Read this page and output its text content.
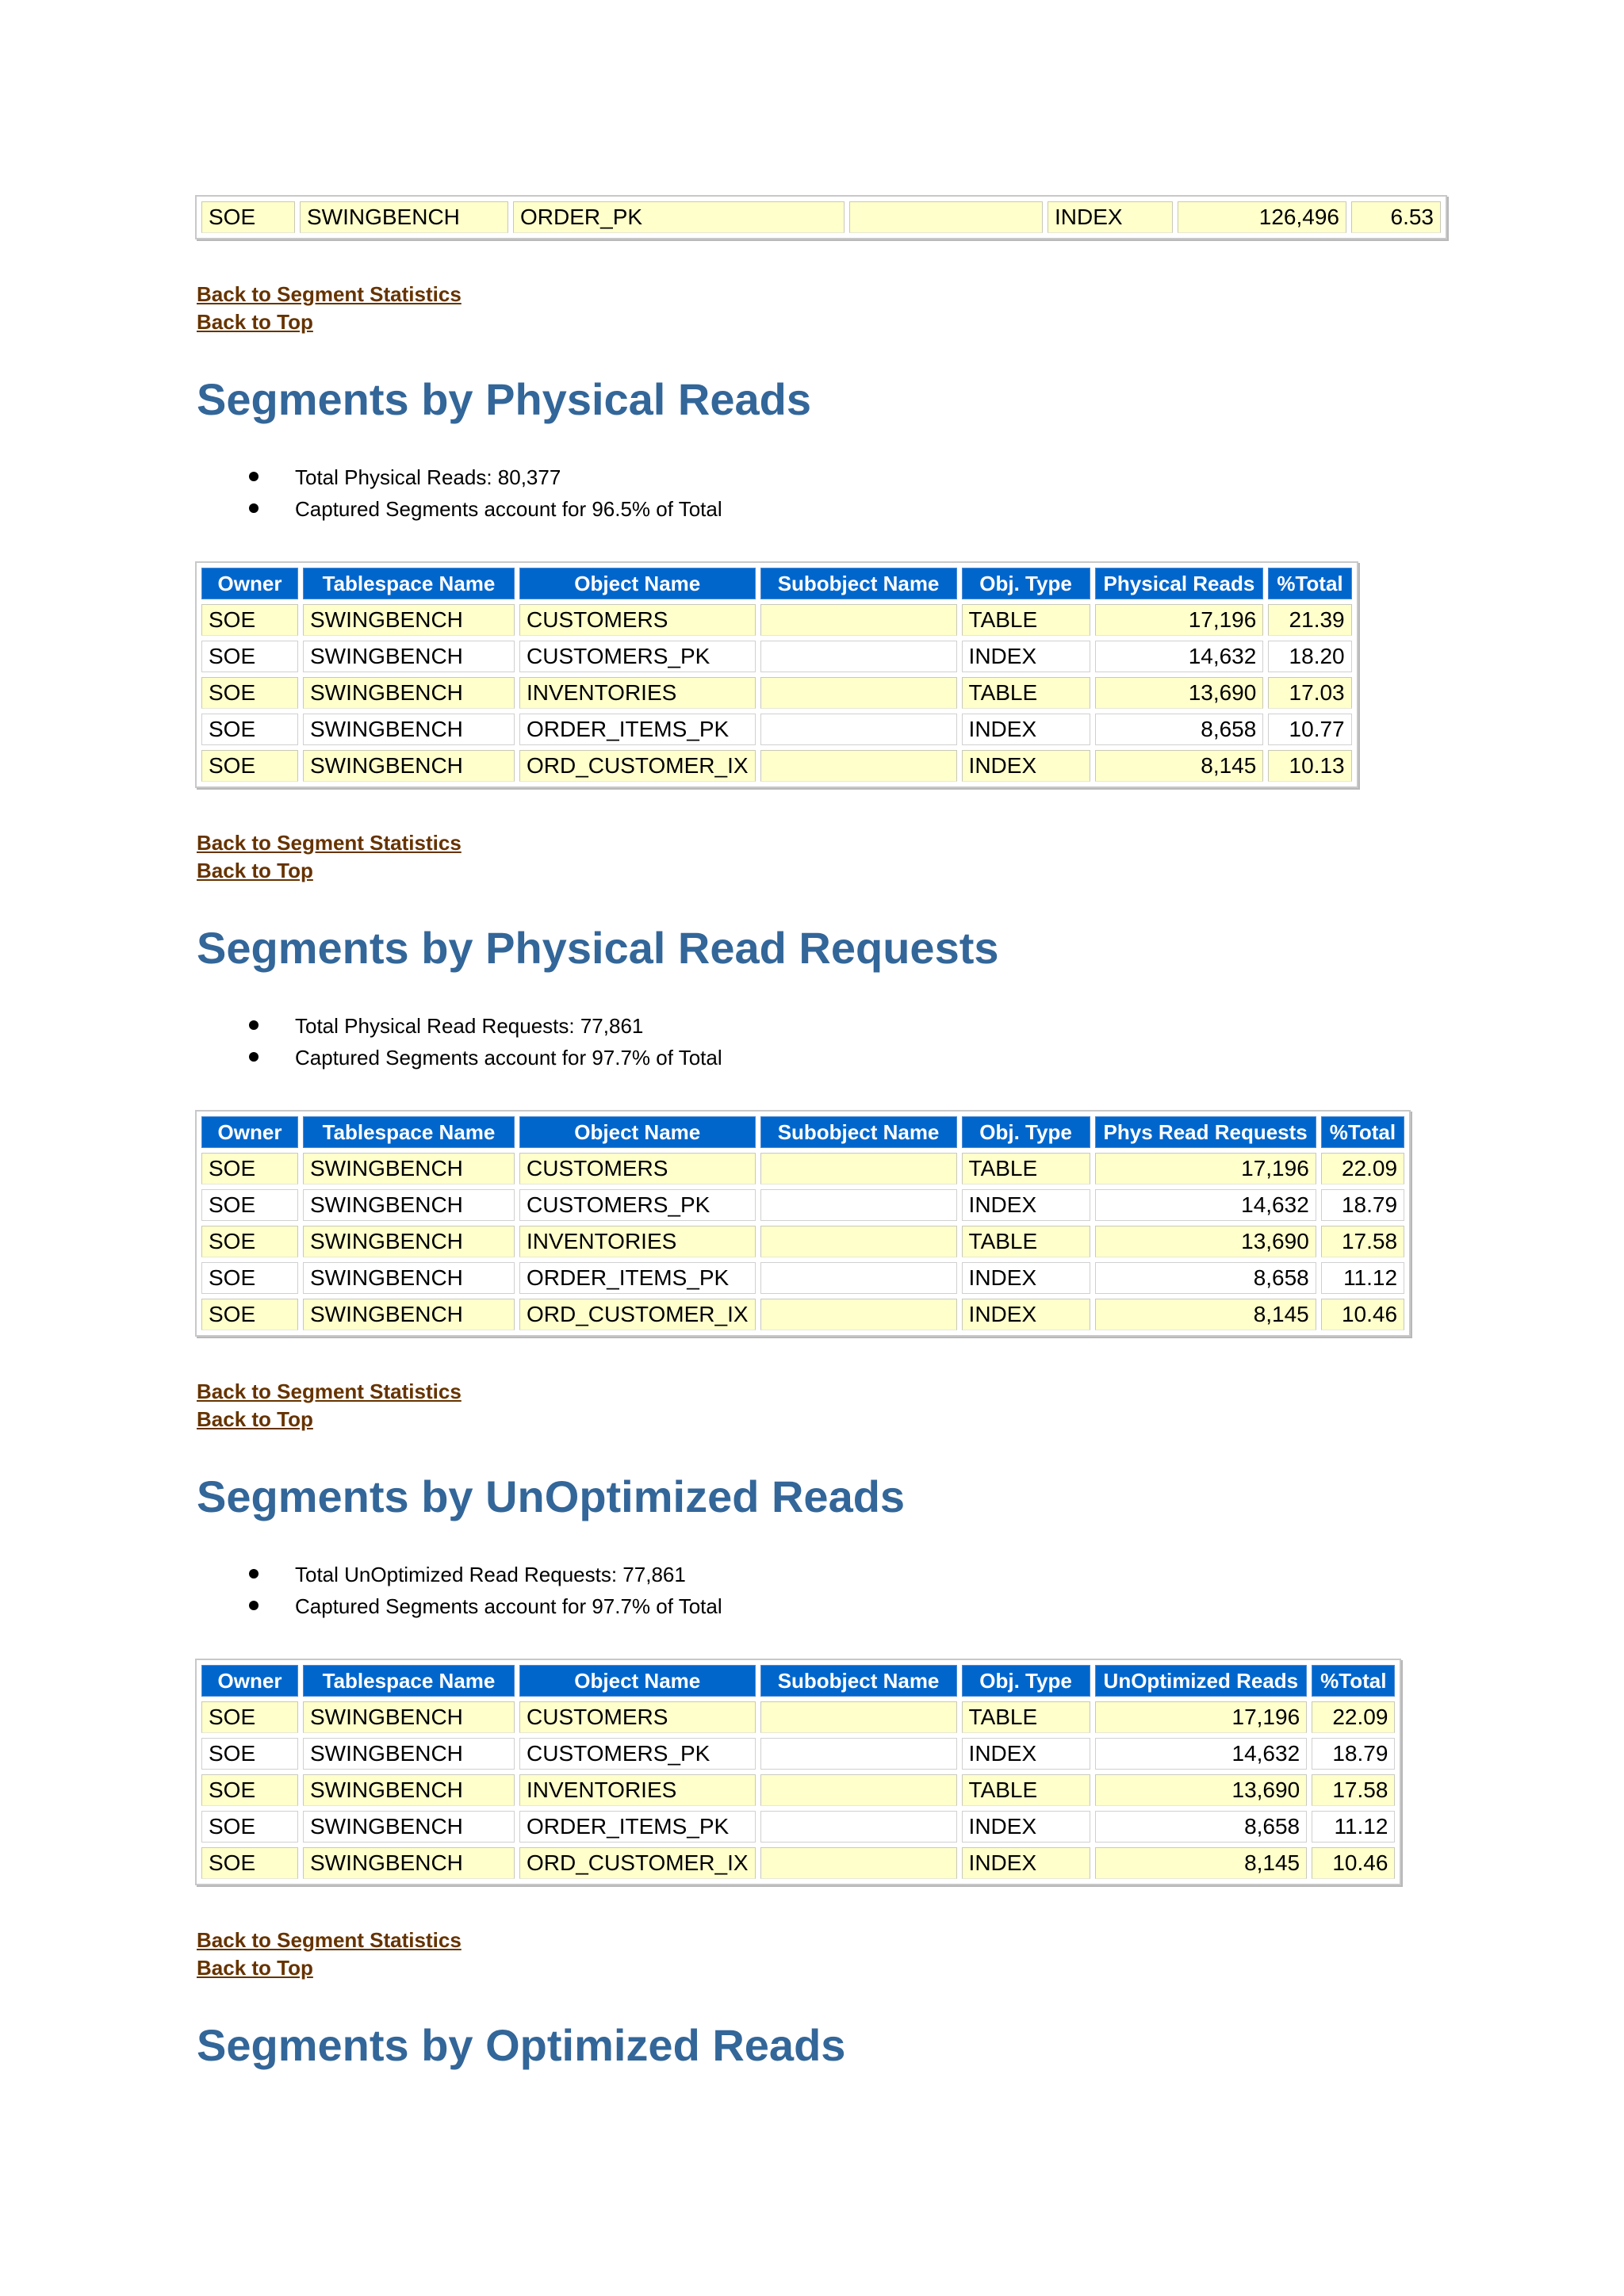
SOE	SWINGBENCH	ORDER_PK		INDEX	126,496	6.53
Back to Segment Statistics
Back to Top
Segments by Physical Reads
Total Physical Reads: 80,377
Captured Segments account for 96.5% of Total
Owner	Tablespace Name	Object Name	Subobject Name	Obj. Type	Physical Reads	%Total
SOE	SWINGBENCH	CUSTOMERS		TABLE	17,196	21.39
SOE	SWINGBENCH	CUSTOMERS_PK		INDEX	14,632	18.20
SOE	SWINGBENCH	INVENTORIES		TABLE	13,690	17.03
SOE	SWINGBENCH	ORDER_ITEMS_PK		INDEX	8,658	10.77
SOE	SWINGBENCH	ORD_CUSTOMER_IX		INDEX	8,145	10.13
Back to Segment Statistics
Back to Top
Segments by Physical Read Requests
Total Physical Read Requests: 77,861
Captured Segments account for 97.7% of Total
Owner	Tablespace Name	Object Name	Subobject Name	Obj. Type	Phys Read Requests	%Total
SOE	SWINGBENCH	CUSTOMERS		TABLE	17,196	22.09
SOE	SWINGBENCH	CUSTOMERS_PK		INDEX	14,632	18.79
SOE	SWINGBENCH	INVENTORIES		TABLE	13,690	17.58
SOE	SWINGBENCH	ORDER_ITEMS_PK		INDEX	8,658	11.12
SOE	SWINGBENCH	ORD_CUSTOMER_IX		INDEX	8,145	10.46
Back to Segment Statistics
Back to Top
Segments by UnOptimized Reads
Total UnOptimized Read Requests: 77,861
Captured Segments account for 97.7% of Total
Owner	Tablespace Name	Object Name	Subobject Name	Obj. Type	UnOptimized Reads	%Total
SOE	SWINGBENCH	CUSTOMERS		TABLE	17,196	22.09
SOE	SWINGBENCH	CUSTOMERS_PK		INDEX	14,632	18.79
SOE	SWINGBENCH	INVENTORIES		TABLE	13,690	17.58
SOE	SWINGBENCH	ORDER_ITEMS_PK		INDEX	8,658	11.12
SOE	SWINGBENCH	ORD_CUSTOMER_IX		INDEX	8,145	10.46
Back to Segment Statistics
Back to Top
Segments by Optimized Reads
